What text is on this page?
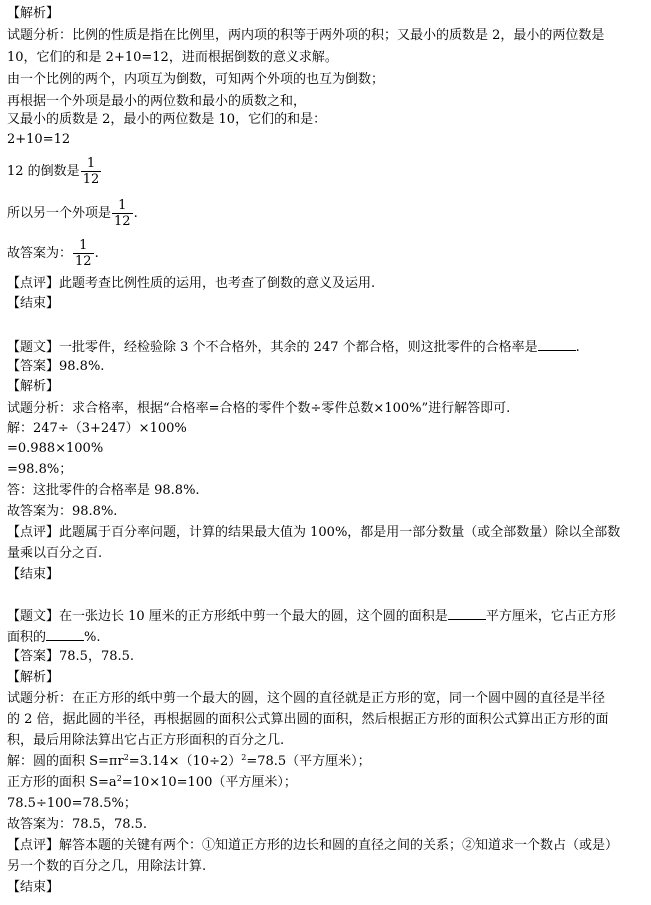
【解析】
试题分析：比例的性质是指在比例里，两内项的积等于两外项的积；又最小的质数是 2，最小的两位数是
10，它们的和是 2+10=12，进而根据倒数的意义求解。
由一个比例的两个，内项互为倒数，可知两个外项的也互为倒数；
再根据一个外项是最小的两位数和最小的质数之和，
又最小的质数是 2，最小的两位数是 10，它们的和是：
2+10=12
12 的倒数是 $\frac{1}{12}$
所以另一个外项是 $\frac{1}{12}$ .
故答案为： $\frac{1}{12}$ .
【点评】此题考查比例性质的运用，也考查了倒数的意义及运用.
【结束】
【题文】一批零件，经检验除 3 个不合格外，其余的 247 个都合格，则这批零件的合格率是	.
【答案】98.8%.
【解析】
试题分析：求合格率，根据“合格率=合格的零件个数÷零件总数×100%”进行解答即可.
解：247÷（3+247）×100%
=0.988×100%
=98.8%；
答：这批零件的合格率是 98.8%.
故答案为：98.8%.
【点评】此题属于百分率问题，计算的结果最大值为 100%，都是用一部分数量（或全部数量）除以全部数
量乘以百分之百.
【结束】
【题文】在一张边长 10 厘米的正方形纸中剪一个最大的圆，这个圆的面积是	平方厘米，它占正方形
面积的	%.
【答案】78.5，78.5.
【解析】
试题分析：在正方形的纸中剪一个最大的圆，这个圆的直径就是正方形的宽，同一个圆中圆的直径是半径
的 2 倍，据此圆的半径，再根据圆的面积公式算出圆的面积，然后根据正方形的面积公式算出正方形的面
积，最后用除法算出它占正方形面积的百分之几.
解：圆的面积 $S=\pi r^2=3.14\times(10\div 2)^2=78.5$（平方厘米）；
正方形的面积 $S=a^2=10\times 10=100$（平方厘米）；
78.5÷100=78.5%；
故答案为：78.5，78.5.
【点评】解答本题的关键有两个：①知道正方形的边长和圆的直径之间的关系；②知道求一个数占（或是）
另一个数的百分之几，用除法计算.
【结束】
